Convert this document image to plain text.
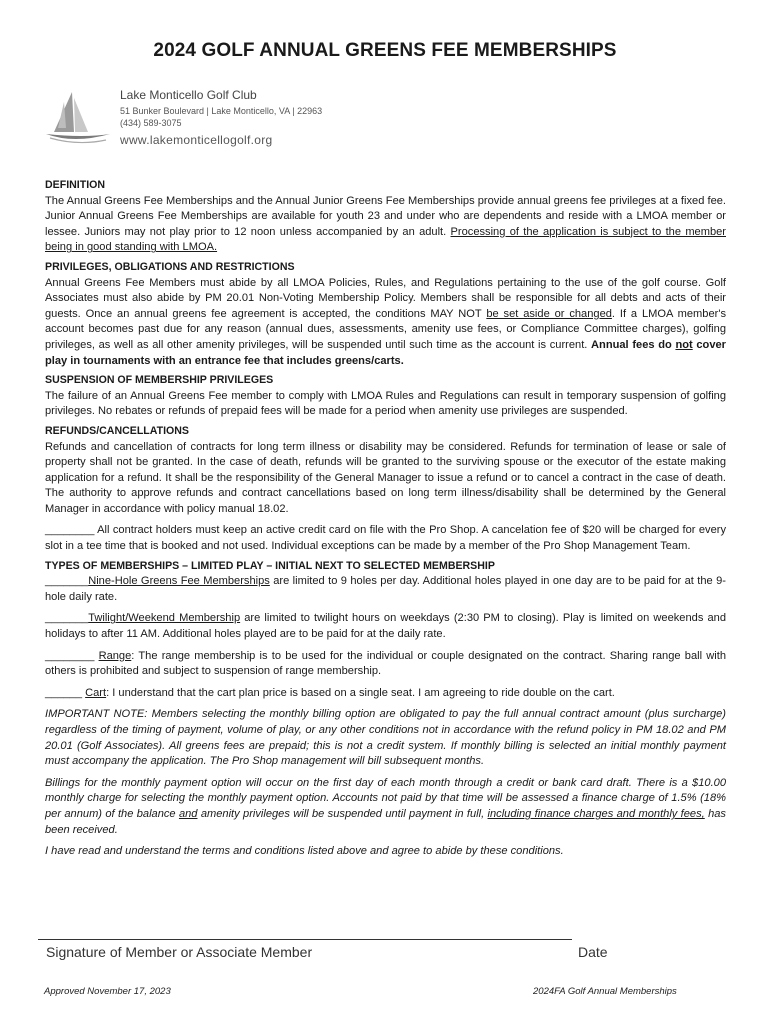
2024 GOLF ANNUAL GREENS FEE MEMBERSHIPS
Lake Monticello Golf Club
51 Bunker Boulevard | Lake Monticello, VA | 22963
(434) 589-3075
www.lakemonticellogolf.org
DEFINITION

The Annual Greens Fee Memberships and the Annual Junior Greens Fee Memberships provide annual greens fee privileges at a fixed fee. Junior Annual Greens Fee Memberships are available for youth 23 and under who are dependents and reside with a LMOA member or lessee. Juniors may not play prior to 12 noon unless accompanied by an adult. Processing of the application is subject to the member being in good standing with LMOA.

PRIVILEGES, OBLIGATIONS AND RESTRICTIONS

Annual Greens Fee Members must abide by all LMOA Policies, Rules, and Regulations pertaining to the use of the golf course. Golf Associates must also abide by PM 20.01 Non-Voting Membership Policy. Members shall be responsible for all debts and acts of their guests. Once an annual greens fee agreement is accepted, the conditions MAY NOT be set aside or changed. If a LMOA member's account becomes past due for any reason (annual dues, assessments, amenity use fees, or Compliance Committee charges), golfing privileges, as well as all other amenity privileges, will be suspended until such time as the account is current. Annual fees do not cover play in tournaments with an entrance fee that includes greens/carts.

SUSPENSION OF MEMBERSHIP PRIVILEGES

The failure of an Annual Greens Fee member to comply with LMOA Rules and Regulations can result in temporary suspension of golfing privileges. No rebates or refunds of prepaid fees will be made for a period when amenity use privileges are suspended.

REFUNDS/CANCELLATIONS

Refunds and cancellation of contracts for long term illness or disability may be considered. Refunds for termination of lease or sale of property shall not be granted. In the case of death, refunds will be granted to the surviving spouse or the executor of the estate making application for a refund. It shall be the responsibility of the General Manager to issue a refund or to cancel a contract in the case of death. The authority to approve refunds and contract cancellations based on long term illness/disability shall be determined by the General Manager in accordance with policy manual 18.02.

________ All contract holders must keep an active credit card on file with the Pro Shop. A cancelation fee of $20 will be charged for every slot in a tee time that is booked and not used. Individual exceptions can be made by a member of the Pro Shop Management Team.

TYPES OF MEMBERSHIPS – LIMITED PLAY – INITIAL NEXT TO SELECTED MEMBERSHIP

_______Nine-Hole Greens Fee Memberships are limited to 9 holes per day. Additional holes played in one day are to be paid for at the 9-hole daily rate.

_______Twilight/Weekend Membership are limited to twilight hours on weekdays (2:30 PM to closing). Play is limited on weekends and holidays to after 11 AM. Additional holes played are to be paid for at the daily rate.

________ Range: The range membership is to be used for the individual or couple designated on the contract. Sharing range ball with others is prohibited and subject to suspension of range membership.

______ Cart: I understand that the cart plan price is based on a single seat. I am agreeing to ride double on the cart.

IMPORTANT NOTE: Members selecting the monthly billing option are obligated to pay the full annual contract amount (plus surcharge) regardless of the timing of payment, volume of play, or any other conditions not in accordance with the refund policy in PM 18.02 and PM 20.01 (Golf Associates). All greens fees are prepaid; this is not a credit system. If monthly billing is selected an initial monthly payment must accompany the application. The Pro Shop management will bill subsequent months.

Billings for the monthly payment option will occur on the first day of each month through a credit or bank card draft. There is a $10.00 monthly charge for selecting the monthly payment option. Accounts not paid by that time will be assessed a finance charge of 1.5% (18% per annum) of the balance and amenity privileges will be suspended until payment in full, including finance charges and monthly fees, has been received.

I have read and understand the terms and conditions listed above and agree to abide by these conditions.

Signature of Member or Associate Member	Date
Approved November 17, 2023	2024FA Golf Annual Memberships
